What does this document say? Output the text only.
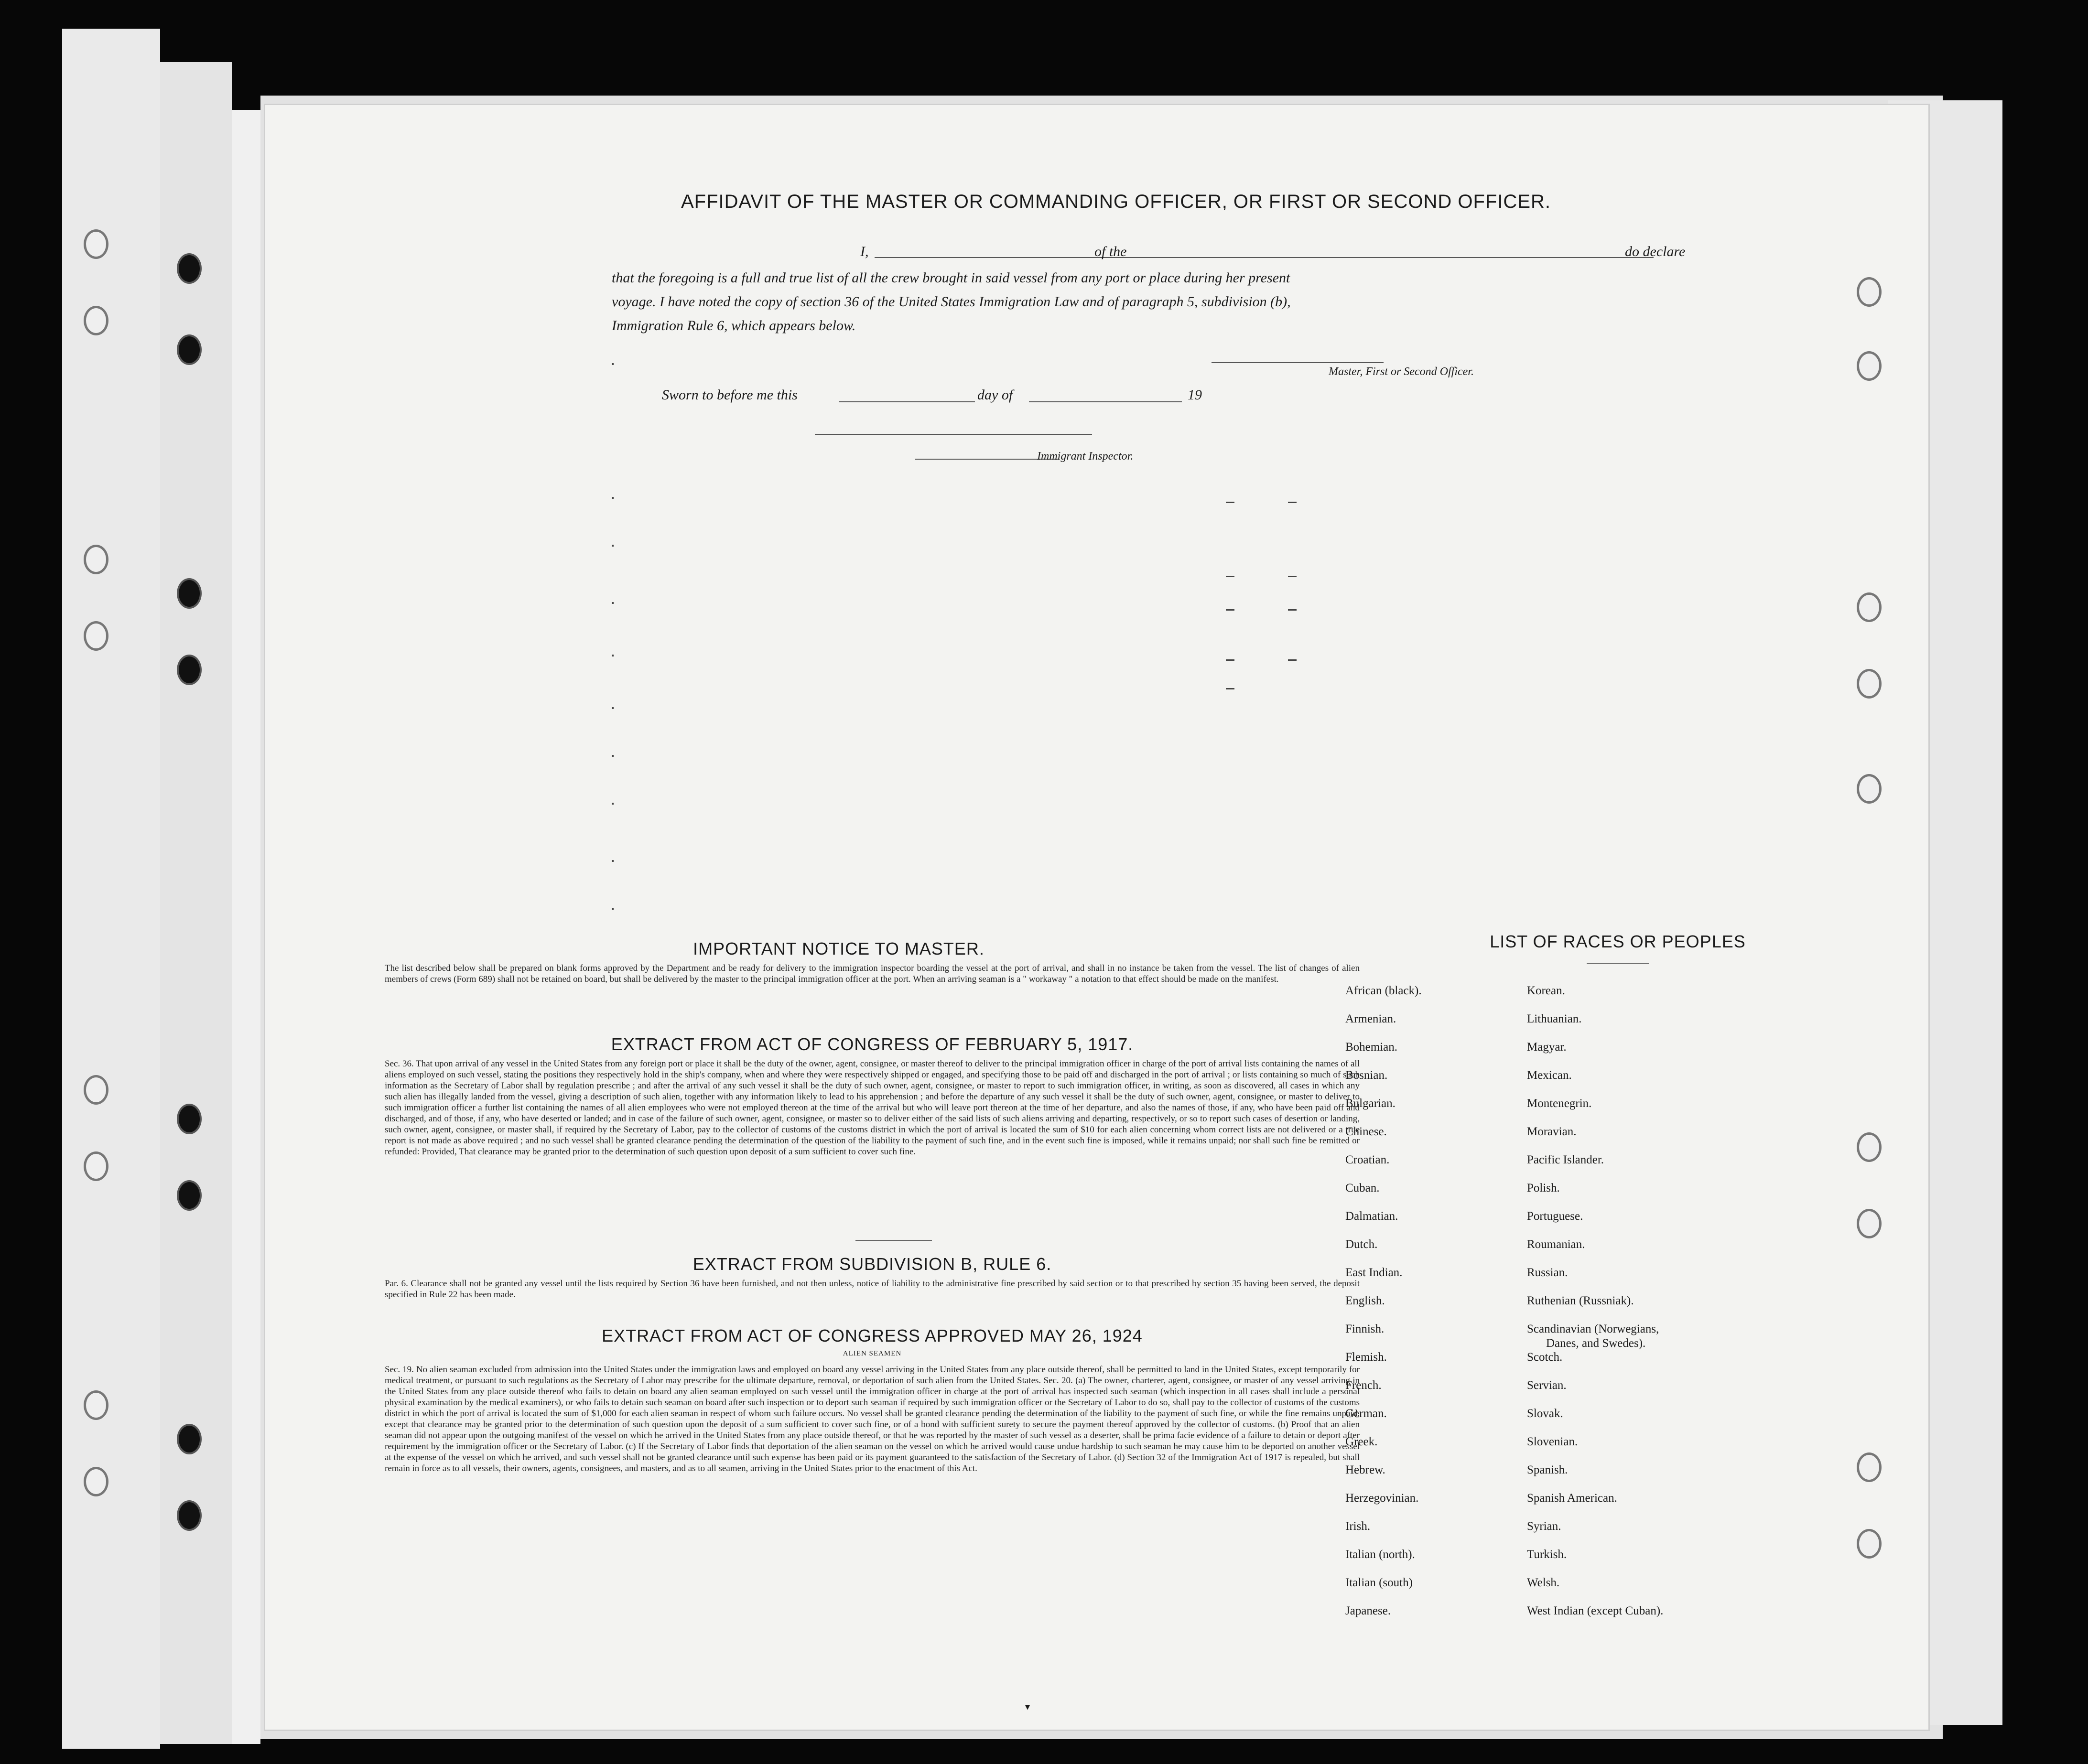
AFFIDAVIT OF THE MASTER OR COMMANDING OFFICER, OR FIRST OR SECOND OFFICER.
I,	of the	do declare
that the foregoing is a full and true list of all the crew brought in said vessel from any port or place during her present
voyage. I have noted the copy of section 36 of the United States Immigration Law and of paragraph 5, subdivision (b),
Immigration Rule 6, which appears below.
Master, First or Second Officer.
Sworn to before me this	day of	19
Immigrant Inspector.
IMPORTANT NOTICE TO MASTER.
The list described below shall be prepared on blank forms approved by the Department and be ready for delivery to the immigration inspector boarding the vessel at the port of arrival, and shall in no instance be taken from the vessel. The list of changes of alien members of crews (Form 689) shall not be retained on board, but shall be delivered by the master to the principal immigration officer at the port. When an arriving seaman is a " workaway " a notation to that effect should be made on the manifest.
EXTRACT FROM ACT OF CONGRESS OF FEBRUARY 5, 1917.
Sec. 36. That upon arrival of any vessel in the United States from any foreign port or place it shall be the duty of the owner, agent, consignee, or master thereof to deliver to the principal immigration officer in charge of the port of arrival lists containing the names of all aliens employed on such vessel, stating the positions they respectively hold in the ship's company, when and where they were respectively shipped or engaged, and specifying those to be paid off and discharged in the port of arrival ; or lists containing so much of such information as the Secretary of Labor shall by regulation prescribe ; and after the arrival of any such vessel it shall be the duty of such owner, agent, consignee, or master to report to such immigration officer, in writing, as soon as discovered, all cases in which any such alien has illegally landed from the vessel, giving a description of such alien, together with any information likely to lead to his apprehension ; and before the departure of any such vessel it shall be the duty of such owner, agent, consignee, or master to deliver to such immigration officer a further list containing the names of all alien employees who were not employed thereon at the time of the arrival but who will leave port thereon at the time of her departure, and also the names of those, if any, who have been paid off and discharged, and of those, if any, who have deserted or landed; and in case of the failure of such owner, agent, consignee, or master so to deliver either of the said lists of such aliens arriving and departing, respectively, or so to report such cases of desertion or landing, such owner, agent, consignee, or master shall, if required by the Secretary of Labor, pay to the collector of customs of the customs district in which the port of arrival is located the sum of $10 for each alien concerning whom correct lists are not delivered or a true report is not made as above required ; and no such vessel shall be granted clearance pending the determination of the question of the liability to the payment of such fine, and in the event such fine is imposed, while it remains unpaid; nor shall such fine be remitted or refunded: Provided, That clearance may be granted prior to the determination of such question upon deposit of a sum sufficient to cover such fine.
EXTRACT FROM SUBDIVISION B, RULE 6.
Par. 6. Clearance shall not be granted any vessel until the lists required by Section 36 have been furnished, and not then unless, notice of liability to the administrative fine prescribed by said section or to that prescribed by section 35 having been served, the deposit specified in Rule 22 has been made.
EXTRACT FROM ACT OF CONGRESS APPROVED MAY 26, 1924
ALIEN SEAMEN
Sec. 19. No alien seaman excluded from admission into the United States under the immigration laws and employed on board any vessel arriving in the United States from any place outside thereof, shall be permitted to land in the United States, except temporarily for medical treatment, or pursuant to such regulations as the Secretary of Labor may prescribe for the ultimate departure, removal, or deportation of such alien from the United States. Sec. 20. (a) The owner, charterer, agent, consignee, or master of any vessel arriving in the United States from any place outside thereof who fails to detain on board any alien seaman employed on such vessel until the immigration officer in charge at the port of arrival has inspected such seaman (which inspection in all cases shall include a personal physical examination by the medical examiners), or who fails to detain such seaman on board after such inspection or to deport such seaman if required by such immigration officer or the Secretary of Labor to do so, shall pay to the collector of customs of the customs district in which the port of arrival is located the sum of $1,000 for each alien seaman in respect of whom such failure occurs. No vessel shall be granted clearance pending the determination of the liability to the payment of such fine, or while the fine remains unpaid, except that clearance may be granted prior to the determination of such question upon the deposit of a sum sufficient to cover such fine, or of a bond with sufficient surety to secure the payment thereof approved by the collector of customs. (b) Proof that an alien seaman did not appear upon the outgoing manifest of the vessel on which he arrived in the United States from any place outside thereof, or that he was reported by the master of such vessel as a deserter, shall be prima facie evidence of a failure to detain or deport after requirement by the immigration officer or the Secretary of Labor. (c) If the Secretary of Labor finds that deportation of the alien seaman on the vessel on which he arrived would cause undue hardship to such seaman he may cause him to be deported on another vessel at the expense of the vessel on which he arrived, and such vessel shall not be granted clearance until such expense has been paid or its payment guaranteed to the satisfaction of the Secretary of Labor. (d) Section 32 of the Immigration Act of 1917 is repealed, but shall remain in force as to all vessels, their owners, agents, consignees, and masters, and as to all seamen, arriving in the United States prior to the enactment of this Act.
LIST OF RACES OR PEOPLES
African (black).
Armenian.
Bohemian.
Bosnian.
Bulgarian.
Chinese.
Croatian.
Cuban.
Dalmatian.
Dutch.
East Indian.
English.
Finnish.
Flemish.
French.
German.
Greek.
Hebrew.
Herzegovinian.
Irish.
Italian (north).
Italian (south)
Japanese.
Korean.
Lithuanian.
Magyar.
Mexican.
Montenegrin.
Moravian.
Pacific Islander.
Polish.
Portuguese.
Roumanian.
Russian.
Ruthenian (Russniak).
Scandinavian (Norwegians,
Danes, and Swedes).
Scotch.
Servian.
Slovak.
Slovenian.
Spanish.
Spanish American.
Syrian.
Turkish.
Welsh.
West Indian (except Cuban).
▾
